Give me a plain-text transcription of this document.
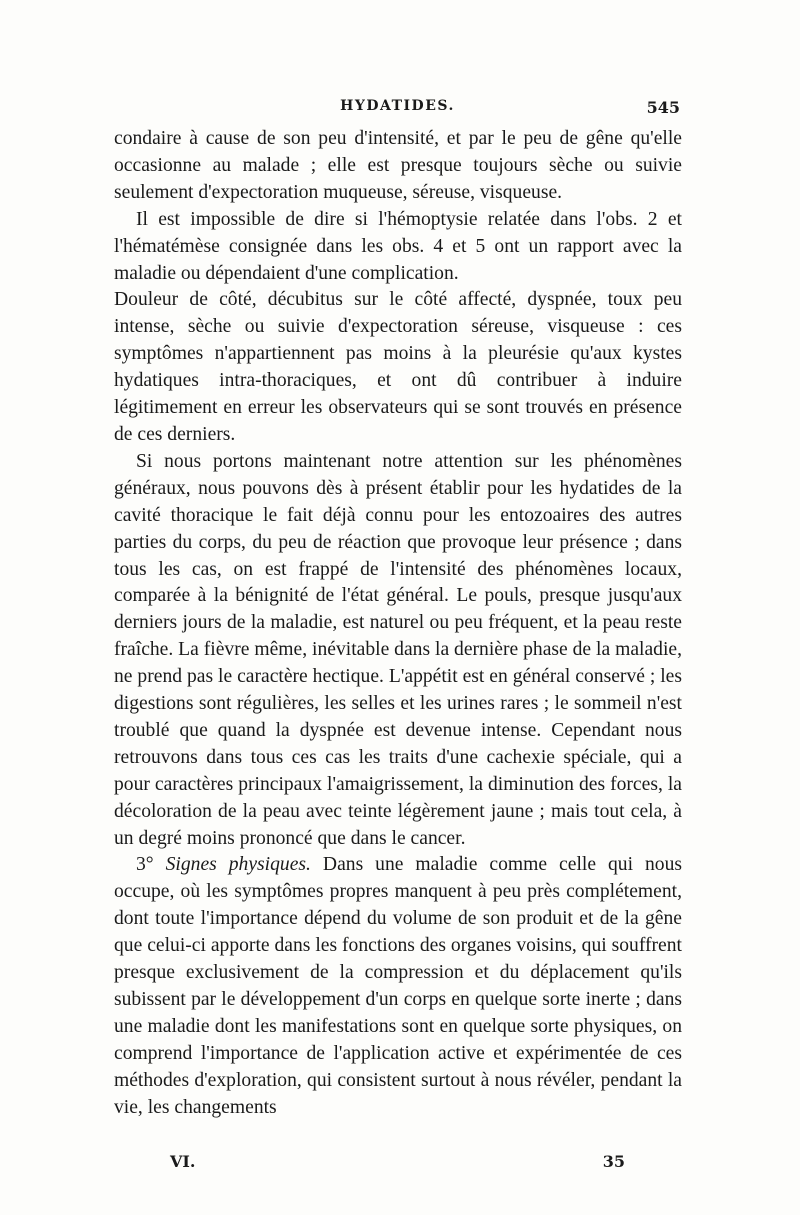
HYDATIDES.	545

condaire à cause de son peu d'intensité, et par le peu de gêne qu'elle occasionne au malade ; elle est presque toujours sèche ou suivie seulement d'expectoration muqueuse, séreuse, visqueuse.

Il est impossible de dire si l'hémoptysie relatée dans l'obs. 2 et l'hématémèse consignée dans les obs. 4 et 5 ont un rapport avec la maladie ou dépendaient d'une complication.

Douleur de côté, décubitus sur le côté affecté, dyspnée, toux peu intense, sèche ou suivie d'expectoration séreuse, visqueuse : ces symptômes n'appartiennent pas moins à la pleurésie qu'aux kystes hydatiques intra-thoraciques, et ont dû contribuer à induire légitimement en erreur les observateurs qui se sont trouvés en présence de ces derniers.

Si nous portons maintenant notre attention sur les phénomènes généraux, nous pouvons dès à présent établir pour les hydatides de la cavité thoracique le fait déjà connu pour les entozoaires des autres parties du corps, du peu de réaction que provoque leur présence ; dans tous les cas, on est frappé de l'intensité des phénomènes locaux, comparée à la bénignité de l'état général. Le pouls, presque jusqu'aux derniers jours de la maladie, est naturel ou peu fréquent, et la peau reste fraîche. La fièvre même, inévitable dans la dernière phase de la maladie, ne prend pas le caractère hectique. L'appétit est en général conservé ; les digestions sont régulières, les selles et les urines rares ; le sommeil n'est troublé que quand la dyspnée est devenue intense. Cependant nous retrouvons dans tous ces cas les traits d'une cachexie spéciale, qui a pour caractères principaux l'amaigrissement, la diminution des forces, la décoloration de la peau avec teinte légèrement jaune ; mais tout cela, à un degré moins prononcé que dans le cancer.

3° Signes physiques. Dans une maladie comme celle qui nous occupe, où les symptômes propres manquent à peu près complétement, dont toute l'importance dépend du volume de son produit et de la gêne que celui-ci apporte dans les fonctions des organes voisins, qui souffrent presque exclusivement de la compression et du déplacement qu'ils subissent par le développement d'un corps en quelque sorte inerte ; dans une maladie dont les manifestations sont en quelque sorte physiques, on comprend l'importance de l'application active et expérimentée de ces méthodes d'exploration, qui consistent surtout à nous révéler, pendant la vie, les changements

VI.	35
